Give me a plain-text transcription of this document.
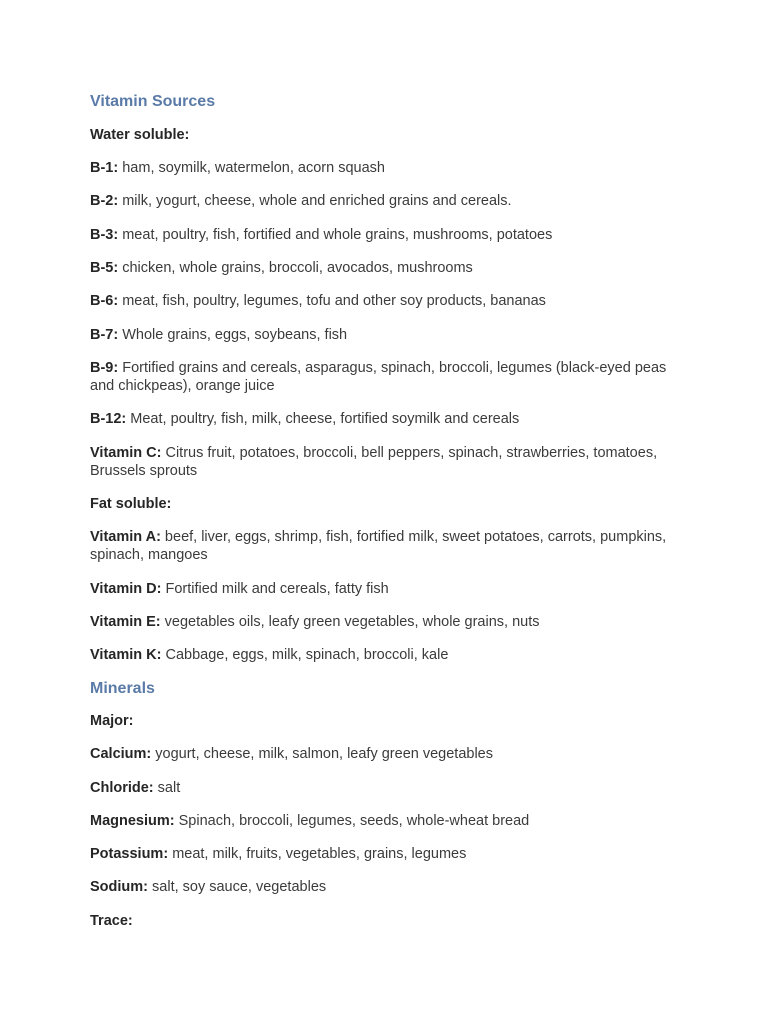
Vitamin Sources
Water soluble:
B-1: ham, soymilk, watermelon, acorn squash
B-2: milk, yogurt, cheese, whole and enriched grains and cereals.
B-3: meat, poultry, fish, fortified and whole grains, mushrooms, potatoes
B-5: chicken, whole grains, broccoli, avocados, mushrooms
B-6: meat, fish, poultry, legumes, tofu and other soy products, bananas
B-7: Whole grains, eggs, soybeans, fish
B-9: Fortified grains and cereals, asparagus, spinach, broccoli, legumes (black-eyed peas and chickpeas), orange juice
B-12: Meat, poultry, fish, milk, cheese, fortified soymilk and cereals
Vitamin C: Citrus fruit, potatoes, broccoli, bell peppers, spinach, strawberries, tomatoes, Brussels sprouts
Fat soluble:
Vitamin A: beef, liver, eggs, shrimp, fish, fortified milk, sweet potatoes, carrots, pumpkins, spinach, mangoes
Vitamin D: Fortified milk and cereals, fatty fish
Vitamin E: vegetables oils, leafy green vegetables, whole grains, nuts
Vitamin K: Cabbage, eggs, milk, spinach, broccoli, kale
Minerals
Major:
Calcium: yogurt, cheese, milk, salmon, leafy green vegetables
Chloride: salt
Magnesium: Spinach, broccoli, legumes, seeds, whole-wheat bread
Potassium: meat, milk, fruits, vegetables, grains, legumes
Sodium: salt, soy sauce, vegetables
Trace:
